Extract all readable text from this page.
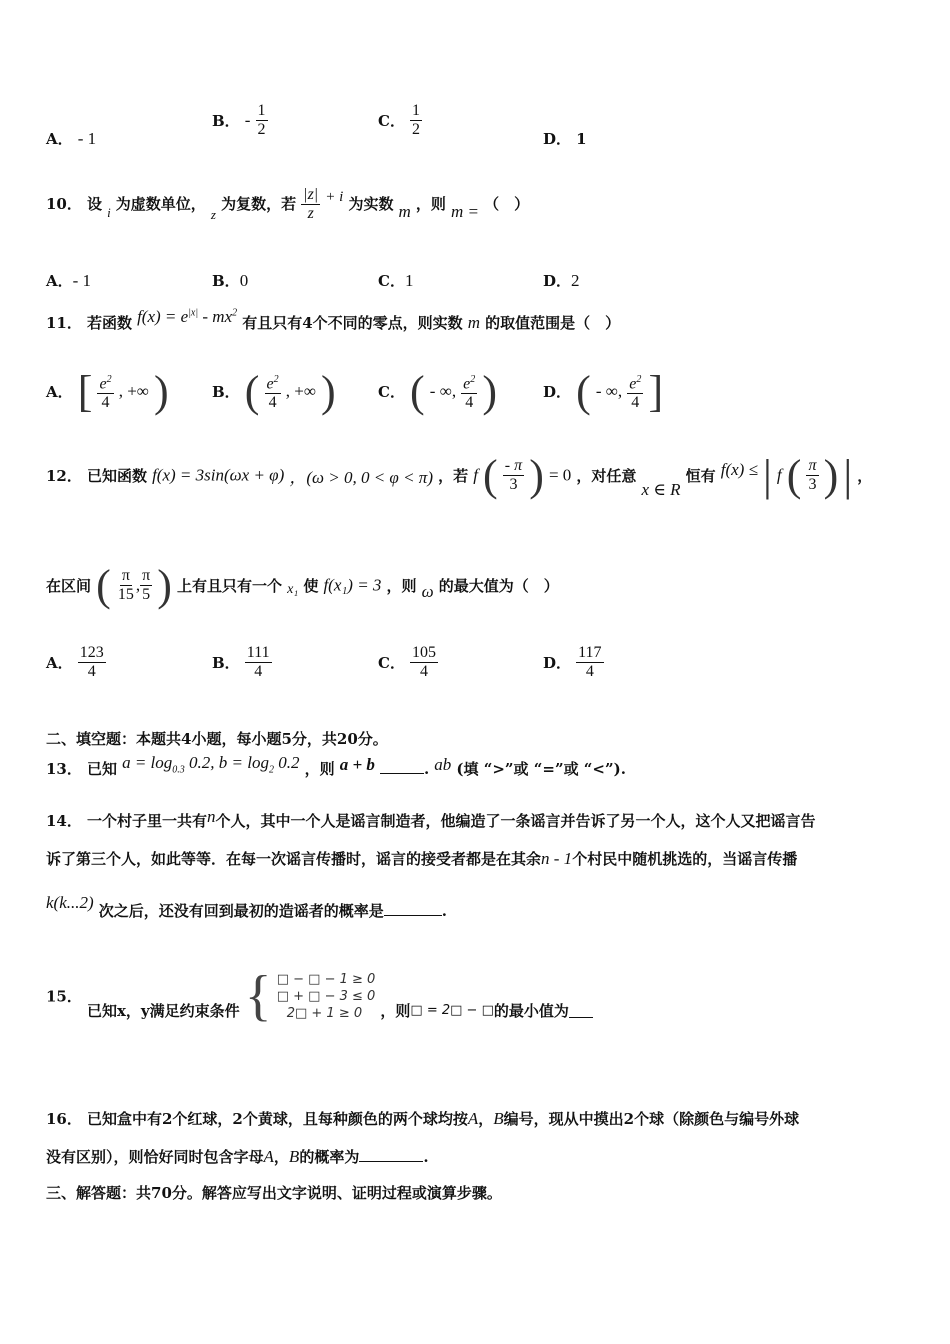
A． - 1
B． - $\frac{1}{2}$	C． $\frac{1}{2}$	D． 1
10． 设 $_i$ 为虚数单位， $_z$ 为复数，若 $\frac{|z|}{z} + i$ 为实数 m ，则 m = （　）
A．- 1	B．0	C．1	D．2
11． 若函数 $f(x) = e^{|x|} - mx^2$ 有且只有4个不同的零点，则实数 m 的取值范围是（　）
A． [ $\frac{e^2}{4}$ , +∞ )	B． ( $\frac{e^2}{4}$ , +∞ )	C． ( - ∞, $\frac{e^2}{4}$ )	D． ( - ∞, $\frac{e^2}{4}$ ]
12． 已知函数 f(x) = 3sin(ωx + φ) ，(ω > 0, 0 < φ < π) ，若 f ( $\frac{- \pi}{3}$ ) = 0 ，对任意 x ∈ R 恒有 f(x) ≤ | f ( $\frac{\pi}{3}$ ) | ，
在区间 ( $\frac{\pi}{15}$ , $\frac{\pi}{5}$ ) 上有且只有一个 x₁ 使 f(x₁) = 3 ，则 ω 的最大值为（　）
A． $\frac{123}{4}$	B． $\frac{111}{4}$	C． $\frac{105}{4}$	D． $\frac{117}{4}$
二、填空题：本题共4小题，每小题5分，共20分。
13． 已知 $a = \log_{0.3} 0.2$, $b = \log_2 0.2$ ，则 a + b	. ab (填 “>”或 “=”或 “<”).
14． 一个村子里一共有n个人，其中一个人是谣言制造者，他编造了一条谣言并告诉了另一个人，这个人又把谣言告
诉了第三个人，如此等等．在每一次谣言传播时，谣言的接受者都是在其余n - 1个村民中随机挑选的，当谣言传播
k(k...2) 次之后，还没有回到最初的造谣者的概率是	.
15． 已知x，y满足约束条件 { □ − □ − 1 ≥ 0
□ + □ − 3 ≤ 0
2□ + 1 ≥ 0	，则$_{□ = 2□ - □}$的最小值为
16． 已知盒中有2个红球，2个黄球，且每种颜色的两个球均按A，B编号，现从中摸出2个球（除颜色与编号外球
没有区别），则恰好同时包含字母A，B的概率为	.
三、解答题：共70分。解答应写出文字说明、证明过程或演算步骤。
